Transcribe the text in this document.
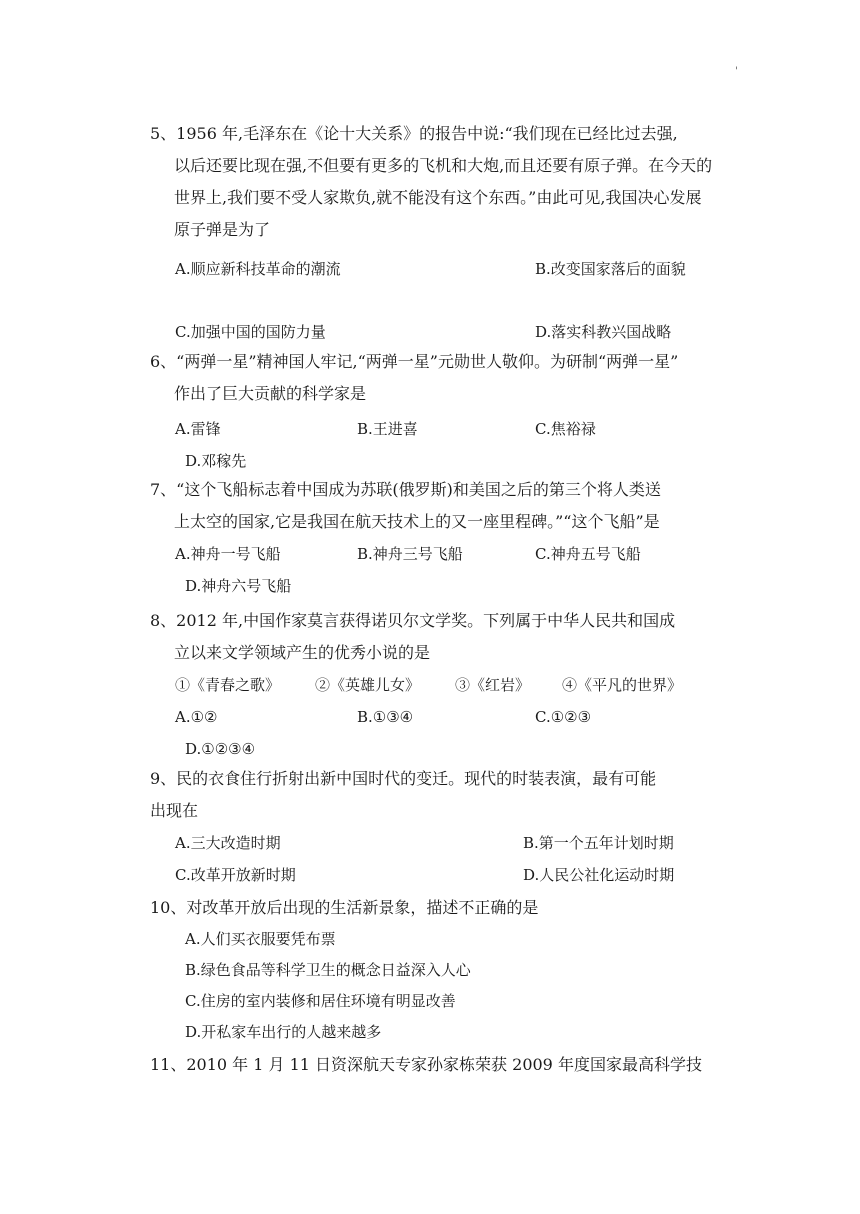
'

5、1956 年,毛泽东在《论十大关系》的报告中说:“我们现在已经比过去强,
以后还要比现在强,不但要有更多的飞机和大炮,而且还要有原子弹。在今天的世界上,我们要不受人家欺负,就不能没有这个东西。”由此可见,我国决心发展原子弹是为了

A.顺应新科技革命的潮流	B.改变国家落后的面貌
C.加强中国的国防力量	D.落实科教兴国战略

6、“两弹一星”精神国人牢记,“两弹一星”元勋世人敬仰。为研制“两弹一星”
作出了巨大贡献的科学家是

A.雷锋	B.王进喜	C.焦裕禄
D.邓稼先

7、“这个飞船标志着中国成为苏联(俄罗斯)和美国之后的第三个将人类送
上太空的国家,它是我国在航天技术上的又一座里程碑。”“这个飞船”是

A.神舟一号飞船	B.神舟三号飞船	C.神舟五号飞船
D.神舟六号飞船

8、2012 年,中国作家莫言获得诺贝尔文学奖。下列属于中华人民共和国成
立以来文学领域产生的优秀小说的是

①《青春之歌》 ②《英雄儿女》 ③《红岩》 ④《平凡的世界》
A.①②	B.①③④	C.①②③
D.①②③④

9、民的衣食住行折射出新中国时代的变迁。现代的时装表演，最有可能
出现在

A.三大改造时期	B.第一个五年计划时期
C.改革开放新时期	D.人民公社化运动时期

10、对改革开放后出现的生活新景象，描述不正确的是

A.人们买衣服要凭布票
B.绿色食品等科学卫生的概念日益深入人心
C.住房的室内装修和居住环境有明显改善
D.开私家车出行的人越来越多

11、2010 年 1 月 11 日资深航天专家孙家栋荣获 2009 年度国家最高科学技
